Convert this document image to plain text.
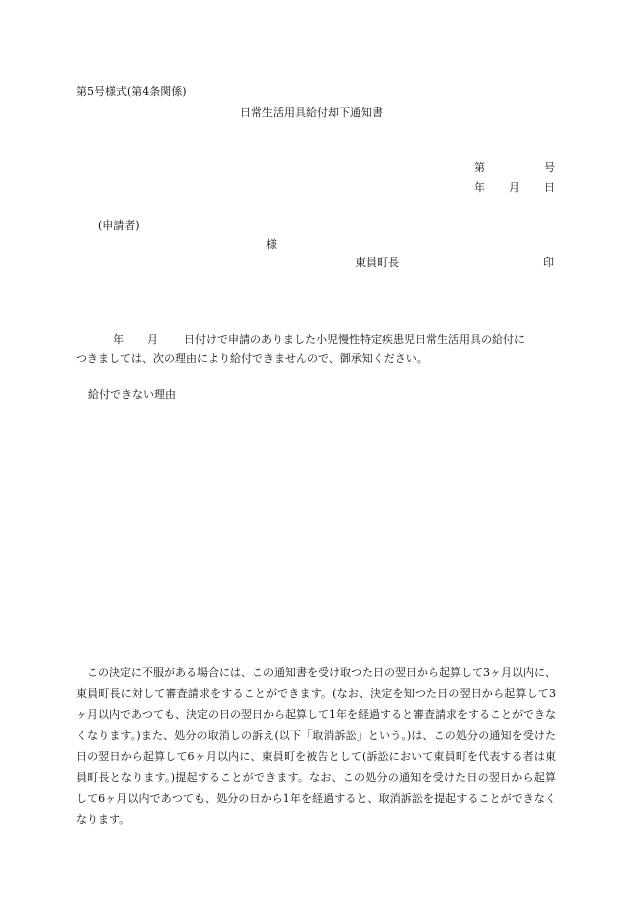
第5号様式(第4条関係)
日常生活用具給付却下通知書
第	号
年 月 日
(申請者)
様
東員町長	印
年 月 日付けで申請のありました小児慢性特定疾患児日常生活用具の給付に
つきましては、次の理由により給付できませんので、御承知ください。
給付できない理由

この決定に不服がある場合には、この通知書を受け取つた日の翌日から起算して3ヶ月以内に、東員町長に対して審査請求をすることができます。(なお、決定を知つた日の翌日から起算して3ヶ月以内であつても、決定の日の翌日から起算して1年を経過すると審査請求をすることができなくなります。)また、処分の取消しの訴え(以下「取消訴訟」という。)は、この処分の通知を受けた日の翌日から起算して6ヶ月以内に、東員町を被告として(訴訟において東員町を代表する者は東員町長となります。)提起することができます。なお、この処分の通知を受けた日の翌日から起算して6ヶ月以内であつても、処分の日から1年を経過すると、取消訴訟を提起することができなくなります。
